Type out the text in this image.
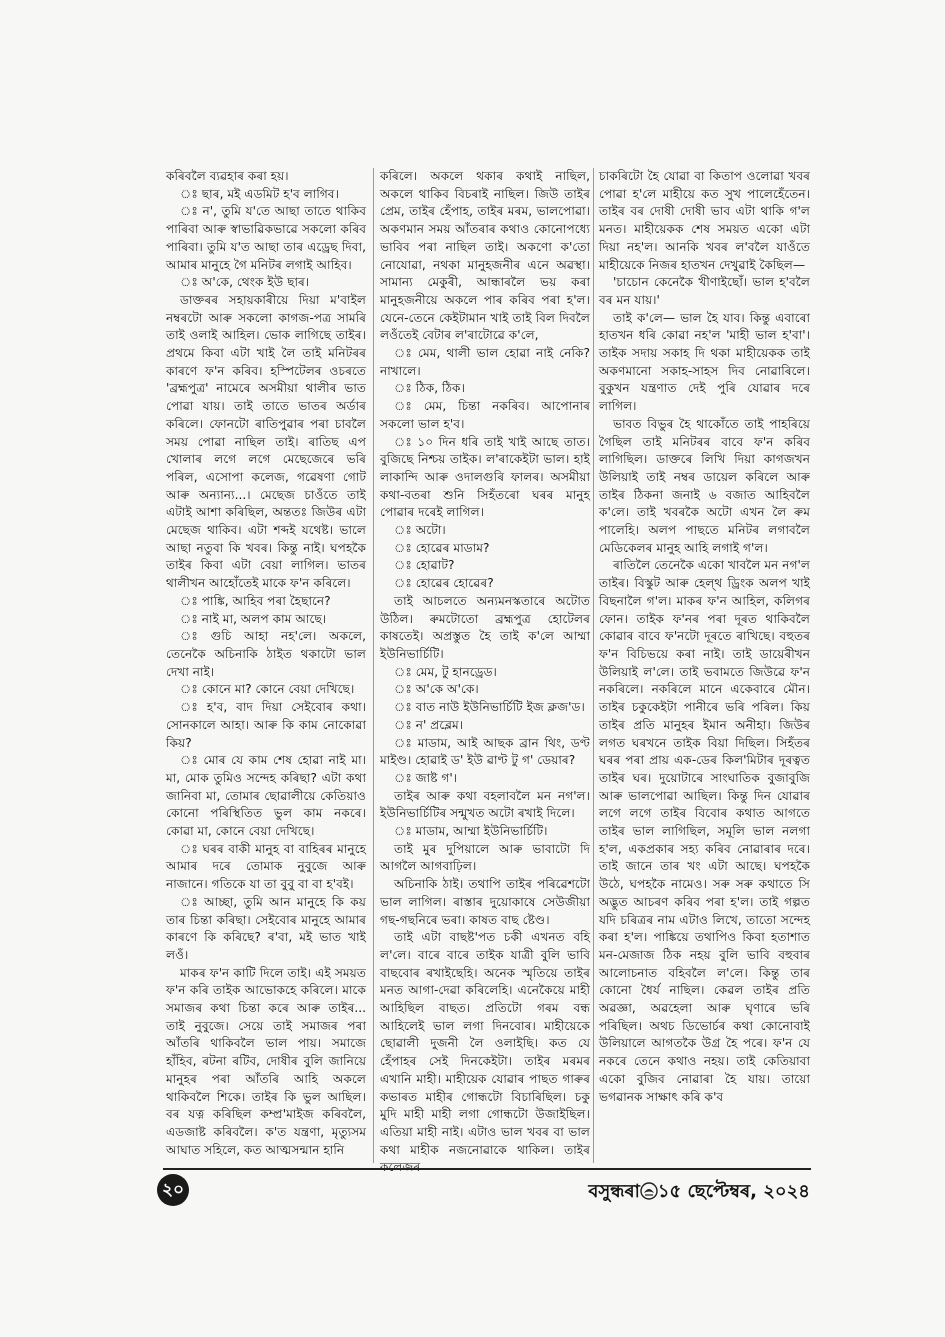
কৰিবলৈ ব্যৱহাৰ কৰা হয়।

ঃ ছাৰ, মই এডমিট হ'ব লাগিব।

ঃ ন', তুমি য'তে আছা তাতে থাকিব পাৰিবা আৰু স্বাভাৱিকভাৱে সকলো কৰিব পাৰিবা। তুমি য'ত আছা তাৰ এড্ৰেছ দিবা, আমাৰ মানুহে গৈ মনিটৰ লগাই আহিব।

ঃ অ'কে, থেংক ইউ ছাৰ।

ডাক্তৰৰ সহায়কাৰীয়ে দিয়া ম'বাইল নম্বৰটো আৰু সকলো কাগজ-পত্ৰ সামৰি তাই ওলাই আহিল। ভোক লাগিছে তাইৰ। প্ৰথমে কিবা এটা খাই লৈ তাই মনিটৰৰ কাৰণে ফ'ন কৰিব। হস্পিটেলৰ ওচৰতে 'ব্ৰহ্মপুত্ৰ' নামেৰে অসমীয়া থালীৰ ভাত পোৱা যায়। তাই তাতে ভাতৰ অৰ্ডাৰ কৰিলে। ফোনটো ৰাতিপুৱাৰ পৰা চাবলৈ সময় পোৱা নাছিল তাই। ৰাতিছ এপ খোলাৰ লগে লগে মেছেজেৰে ভৰি পৰিল, এসোপা কলেজ, গৱেষণা গোট আৰু অন্যান্য...। মেছেজ চাওঁতে তাই এটাই আশা কৰিছিল, অন্ততঃ জিউৰ এটা মেছেজ থাকিব। এটা শব্দই যথেষ্ট। ভালে আছা নতুবা কি খবৰ। কিন্তু নাই। ঘপহকৈ তাইৰ কিবা এটা বেয়া লাগিল। ভাতৰ থালীখন আহোঁতেই মাকে ফ'ন কৰিলে।

ঃ পাঙ্কি, আহিব পৰা হৈছানে?

ঃ নাই মা, অলপ কাম আছে।

ঃ গুচি আহা নহ'লে। অকলে, তেনেকৈ অচিনাকি ঠাইত থকাটো ভাল দেখা নাই।

ঃ কোনে মা? কোনে বেয়া দেখিছে।

ঃ হ'ব, বাদ দিয়া সেইবোৰ কথা। সোনকালে আহা। আৰু কি কাম নোকোৱা কিয়?

ঃ মোৰ যে কাম শেষ হোৱা নাই মা। মা, মোক তুমিও সন্দেহ কৰিছা? এটা কথা জানিবা মা, তোমাৰ ছোৱালীয়ে কেতিয়াও কোনো পৰিস্থিতিত ভুল কাম নকৰে। কোৱা মা, কোনে বেয়া দেখিছে।

ঃ ঘৰৰ বাকী মানুহ বা বাহিৰৰ মানুহে আমাৰ দৰে তোমাক নুবুজে আৰু নাজানে। গতিকে যা তা বুবু বা বা হ'বই।

ঃ আচ্ছা, তুমি আন মানুহে কি কয় তাৰ চিন্তা কৰিছা। সেইবোৰ মানুহে আমাৰ কাৰণে কি কৰিছে? ৰ'বা, মই ভাত খাই লওঁ।

মাকৰ ফ'ন কাটি দিলে তাই। এই সময়ত ফ'ন কৰি তাইক আভোকহে কৰিলে। মাকে সমাজৰ কথা চিন্তা কৰে আৰু তাইৰ... তাই নুবুজে। সেয়ে তাই সমাজৰ পৰা আঁতৰি থাকিবলৈ ভাল পায়। সমাজে হাঁহিব, ৰটনা ৰটিব, দোষীৰ বুলি জানিয়ে মানুহৰ পৰা আঁতৰি আহি অকলে থাকিবলৈ শিকে। তাইৰ কি ভুল আছিল। বৰ যত্ন কৰিছিল কম্প্ৰ'মাইজ কৰিবলৈ, এডজাষ্ট কৰিবলৈ। ক'ত যন্ত্ৰণা, মৃত্যুসম আঘাত সহিলে, কত আত্মসন্মান হানি

কৰিলে। অকলে থকাৰ কথাই নাছিল, অকলে থাকিব বিচৰাই নাছিল। জিউ তাইৰ প্ৰেম, তাইৰ হেঁপাহ, তাইৰ মৰম, ভালপোৱা। অকণমান সময় আঁতৰাৰ কথাও কোনোপধ্যে ভাবিব পৰা নাছিল তাই। অকণো ক'তো নোযোৱা, নথকা মানুহজনীৰ এনে অৱস্থা। সামান্য মেকুৰী, আন্ধাৰলৈ ভয় কৰা মানুহজনীয়ে অকলে পাৰ কৰিব পৰা হ'ল। যেনে-তেনে কেইটামান খাই তাই বিল দিবলৈ লওঁতেই বেটাৰ ল'ৰাটোৱে ক'লে,

ঃ মেম, থালী ভাল হোৱা নাই নেকি? নাখালে।

ঃ ঠিক, ঠিক।

ঃ মেম, চিন্তা নকৰিব। আপোনাৰ সকলো ভাল হ'ব।

ঃ ১০ দিন ধৰি তাই খাই আছে তাত। বুজিছে নিশ্চয় তাইক। ল'ৰাকেইটা ভাল। হাই লাকান্দি আৰু ওদালগুৰি ফালৰ। অসমীয়া কথা-বতৰা শুনি সিহঁতৰো ঘৰৰ মানুহ পোৱাৰ দৰেই লাগিল।

ঃ অটো।

ঃ হোৱেৰ মাডাম?

ঃ হোৱাট?

ঃ হোৱেৰ হোৱেৰ?

তাই আচলতে অন্যমনস্কতাৰে অটোত উঠিল। ৰুমটোতো ব্ৰহ্মপুত্ৰ হোটেলৰ কাষতেই। অপ্ৰস্তুত হৈ তাই ক'লে আম্মা ইউনিভাৰ্চিটি।

ঃ মেম, টু হানড্ৰেড।

ঃ অ'কে অ'কে।

ঃ বাত নাউ ইউনিভাৰ্চিটি ইজ ক্লজ'ড।

ঃ ন' প্ৰব্লেম।

ঃ মাডাম, আই আছক ব্ৰান থিং, ডণ্ট মাইণ্ড। হোৱাই ড' ইউ ৱাণ্ট টু গ' ডেয়াৰ?

ঃ জাষ্ট গ'।

তাইৰ আৰু কথা বহলাবলৈ মন নগ'ল। ইউনিভাৰ্চিটিৰ সন্মুখত অটো ৰখাই দিলে।

ঃ মাডাম, আম্মা ইউনিভাৰ্চিটি।

তাই মুৰ দুপিয়ালে আৰু ভাবাটো দি আগলৈ আগবাঢ়িল।

অচিনাকি ঠাই। তথাপি তাইৰ পৰিৱেশটো ভাল লাগিল। ৰাস্তাৰ দুয়োকাষে সেউজীয়া গছ-গছনিৰে ভৰা। কাষত বাছ ষ্টেণ্ড।

তাই এটা বাছষ্ট'পত চকী এখনত বহি ল'লে। বাৰে বাৰে তাইক যাত্ৰী বুলি ভাবি বাছবোৰ ৰখাইছেহি। অনেক স্মৃতিয়ে তাইৰ মনত আগা-দেৱা কৰিলেহি। এনেকৈয়ে মাহী আহিছিল বাছত। প্ৰতিটো গৰম বন্ধ আহিলেই ভাল লগা দিনবোৰ। মাহীয়েকে ছোৱালী দুজনী লৈ ওলাইছি। কত যে হেঁপাহৰ সেই দিনকেইটা। তাইৰ মৰমৰ এখানি মাহী। মাহীয়েক যোৱাৰ পাছত গাৰুৰ কভাৰত মাহীৰ গোন্ধটো বিচাৰিছিল। চকু মুদি মাহী মাহী লগা গোন্ধটো উজাইছিল। এতিয়া মাহী নাই। এটাও ভাল খবৰ বা ভাল কথা মাহীক নজনোৱাকে থাকিল। তাইৰ

চাকৰিটো হৈ যোৱা বা কিতাপ ওলোৱা খবৰ পোৱা হ'লে মাহীয়ে কত সুখ পালেহেঁতেন। তাইৰ বৰ দোষী দোষী ভাব এটা থাকি গ'ল মনত। মাহীয়েকক শেষ সময়ত একো এটা দিয়া নহ'ল। আনকি খবৰ ল'বলৈ যাওঁতে মাহীয়েকে নিজৰ হাতখন দেখুৱাই কৈছিল—

'চাচোন কেনেকৈ খীণাইছোঁ। ভাল হ'বলৈ বৰ মন যায়।'

তাই ক'লে— ভাল হৈ যাব। কিন্তু এবাৰো হাতখন ধৰি কোৱা নহ'ল 'মাহী ভাল হ'বা'। তাইক সদায় সকাহ দি থকা মাহীয়েকক তাই অকণমানো সকাহ-সাহস দিব নোৱাৰিলে। বুকুখন যন্ত্ৰণাত দেই পুৰি যোৱাৰ দৰে লাগিল।

ভাবত বিভুৰ হৈ থাকোঁতে তাই পাহৰিয়ে গৈছিল তাই মনিটৰৰ বাবে ফ'ন কৰিব লাগিছিল। ডাক্তৰে লিখি দিয়া কাগজখন উলিয়াই তাই নম্বৰ ডায়েল কৰিলে আৰু তাইৰ ঠিকনা জনাই ৬ বজাত আহিবলৈ ক'লে। তাই খবৰকৈ অটো এখন লৈ ৰুম পালেহি। অলপ পাছতে মনিটৰ লগাবলৈ মেডিকেলৰ মানুহ আহি লগাই গ'ল।

ৰাতিলৈ তেনেকৈ একো খাবলৈ মন নগ'ল তাইৰ। বিস্কুট আৰু হেল্থ ড্ৰিংক অলপ খাই বিছনালৈ গ'ল। মাকৰ ফ'ন আহিল, কলিগৰ ফোন। তাইক ফ'নৰ পৰা দূৰত থাকিবলৈ কোৱাৰ বাবে ফ'নটো দূৰতে ৰাখিছে। বহুতৰ ফ'ন বিচিভয়ে কৰা নাই। তাই ডায়েৰীখন উলিয়াই ল'লে। তাই ভবামতে জিউৱে ফ'ন নকৰিলে। নকৰিলে মানে একেবাৰে মৌন। তাইৰ চকুকেইটা পানীৰে ভৰি পৰিল। কিয় তাইৰ প্ৰতি মানুহৰ ইমান অনীহা। জিউৰ লগত ঘৰখনে তাইক বিয়া দিছিল। সিহঁতৰ ঘৰৰ পৰা প্ৰায় এক-ডেৰ কিল'মিটাৰ দূৰত্বত তাইৰ ঘৰ। দুয়োটাৰে সাংঘাতিক বুজাবুজি আৰু ভালপোৱা আছিল। কিন্তু দিন যোৱাৰ লগে লগে তাইৰ বিবোৰ কথাত আগতে তাইৰ ভাল লাগিছিল, সমূলি ভাল নলগা হ'ল, একপ্ৰকাৰ সহ্য কৰিব নোৱাৰাৰ দৰে। তাই জানে তাৰ খং এটা আছে। ঘপহকৈ উঠে, ঘপহকৈ নামেও। সৰু সৰু কথাতে সি অদ্ভুত আচৰণ কৰিব পৰা হ'ল। তাই গল্পত যদি চৰিত্ৰৰ নাম এটাও লিখে, তাতো সন্দেহ কৰা হ'ল। পাঙ্কিয়ে তথাপিও কিবা হতাশাত মন-মেজাজ ঠিক নহয় বুলি ভাবি বহুবাৰ আলোচনাত বহিবলৈ ল'লে। কিন্তু তাৰ কোনো ধৈৰ্য নাছিল। কেৱল তাইৰ প্ৰতি অৱজ্ঞা, অৱহেলা আৰু ঘৃণাৰে ভৰি পৰিছিল। অথচ ডিভোৰ্চৰ কথা কোনোবাই উলিয়ালে আগতকৈ উগ্ৰ হৈ পৰে। ফ'ন যে নকৰে তেনে কথাও নহয়। তাই কেতিয়াবা একো বুজিব নোৱাৰা হৈ যায়। তায়ো ভগৱানক সাক্ষাৎ কৰি ক'ব

২০	বসুন্ধৰা ১৫ ছেপ্টেম্বৰ, ২০২৪
